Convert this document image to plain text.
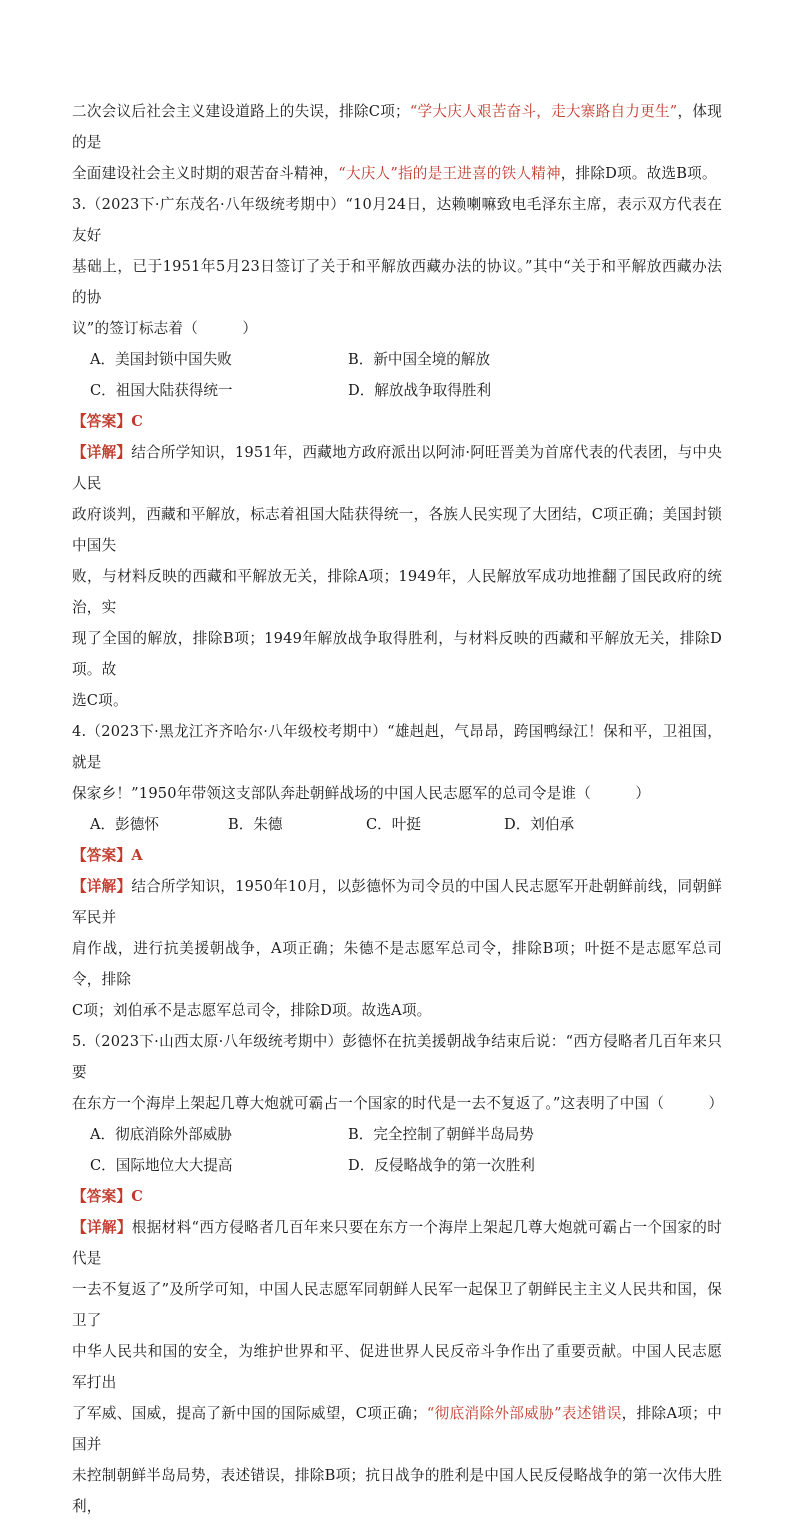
二次会议后社会主义建设道路上的失误，排除C项；“学大庆人艰苦奋斗，走大寨路自力更生”，体现的是

全面建设社会主义时期的艰苦奋斗精神，“大庆人”指的是王进喜的铁人精神，排除D项。故选B项。

3.（2023下·广东茂名·八年级统考期中）“10月24日，达赖喇嘛致电毛泽东主席，表示双方代表在友好

基础上，已于1951年5月23日签订了关于和平解放西藏办法的协议。”其中“关于和平解放西藏办法的协

议”的签订标志着（　　　）

A．美国封锁中国失败	B．新中国全境的解放
C．祖国大陆获得统一	D．解放战争取得胜利

【答案】C

【详解】结合所学知识，1951年，西藏地方政府派出以阿沛·阿旺晋美为首席代表的代表团，与中央人民

政府谈判，西藏和平解放，标志着祖国大陆获得统一，各族人民实现了大团结，C项正确；美国封锁中国失

败，与材料反映的西藏和平解放无关，排除A项；1949年，人民解放军成功地推翻了国民政府的统治，实

现了全国的解放，排除B项；1949年解放战争取得胜利，与材料反映的西藏和平解放无关，排除D项。故

选C项。

4.（2023下·黑龙江齐齐哈尔·八年级校考期中）“雄赳赳，气昂昂，跨国鸭绿江！保和平，卫祖国，就是

保家乡！”1950年带领这支部队奔赴朝鲜战场的中国人民志愿军的总司令是谁（　　　）

A．彭德怀	B．朱德	C．叶挺	D．刘伯承

【答案】A

【详解】结合所学知识，1950年10月，以彭德怀为司令员的中国人民志愿军开赴朝鲜前线，同朝鲜军民并

肩作战，进行抗美援朝战争，A项正确；朱德不是志愿军总司令，排除B项；叶挺不是志愿军总司令，排除

C项；刘伯承不是志愿军总司令，排除D项。故选A项。

5.（2023下·山西太原·八年级统考期中）彭德怀在抗美援朝战争结束后说：“西方侵略者几百年来只要

在东方一个海岸上架起几尊大炮就可霸占一个国家的时代是一去不复返了。”这表明了中国（　　　）

A．彻底消除外部威胁	B．完全控制了朝鲜半岛局势
C．国际地位大大提高	D．反侵略战争的第一次胜利

【答案】C

【详解】根据材料“西方侵略者几百年来只要在东方一个海岸上架起几尊大炮就可霸占一个国家的时代是

一去不复返了”及所学可知，中国人民志愿军同朝鲜人民军一起保卫了朝鲜民主主义人民共和国，保卫了

中华人民共和国的安全，为维护世界和平、促进世界人民反帝斗争作出了重要贡献。中国人民志愿军打出

了军威、国威，提高了新中国的国际威望，C项正确；“彻底消除外部威胁”表述错误，排除A项；中国并

未控制朝鲜半岛局势，表述错误，排除B项；抗日战争的胜利是中国人民反侵略战争的第一次伟大胜利，
